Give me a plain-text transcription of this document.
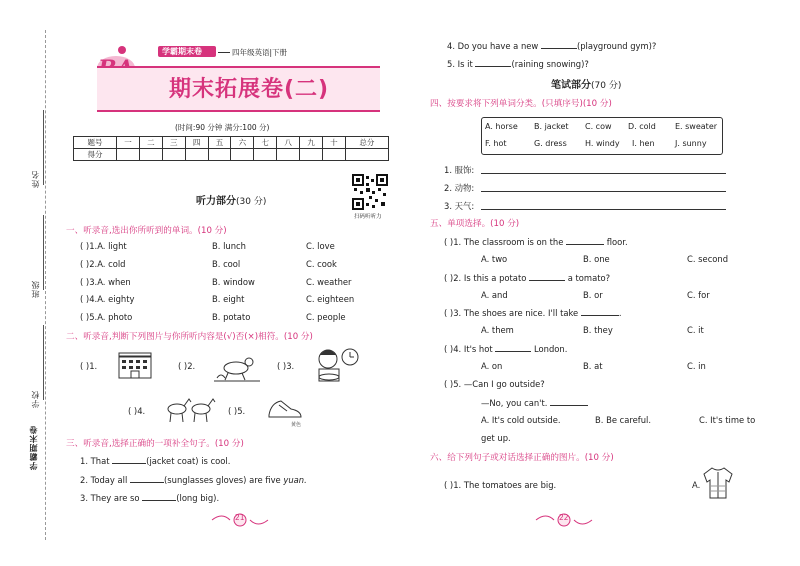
姓名
班级
学校
学霸期末卷
学霸期末卷	四年级英语|下册
期末拓展卷(二)
(时间:90 分钟 满分:100 分)
题号	一	二	三	四	五	六	七	八	九	十	总分
得分											
听力部分(30 分)
扫码听听力
一、听录音,选出你所听到的单词。(10 分)
( )1.A. light	B. lunch	C. love
( )2.A. cold	B. cool	C. cook
( )3.A. when	B. window	C. weather
( )4.A. eighty	B. eight	C. eighteen
( )5.A. photo	B. potato	C. people
二、听录音,判断下列图片与你所听内容是(√)否(×)相符。(10 分)
( )1.	( )2.	( )3.
( )4.	( )5.
黄色
三、听录音,选择正确的一项补全句子。(10 分)
1. That	(jacket coat) is cool.
2. Today all	(sunglasses gloves) are five yuan.
3. They are so	(long big).
21
4. Do you have a new	(playground gym)?
5. Is it	(raining snowing)?
笔试部分(70 分)
四、按要求将下列单词分类。(只填序号)(10 分)
A. horse B. jacket C. cow D. cold E. sweater
F. hot	G. dress H. windy I. hen	J. sunny
1. 服饰:
2. 动物:
3. 天气:
五、单项选择。(10 分)
( )1. The classroom is on the	floor.
A. two	B. one	C. second
( )2. Is this a potato	a tomato?
A. and	B. or	C. for
( )3. The shoes are nice. I'll take	.
A. them	B. they	C. it
( )4. It's hot	London.
A. on	B. at	C. in
( )5. —Can I go outside?
—No, you can't.
A. It's cold outside.	B. Be careful.	C. It's time to
get up.
六、给下列句子或对话选择正确的图片。(10 分)
( )1. The tomatoes are big.	A.
22
